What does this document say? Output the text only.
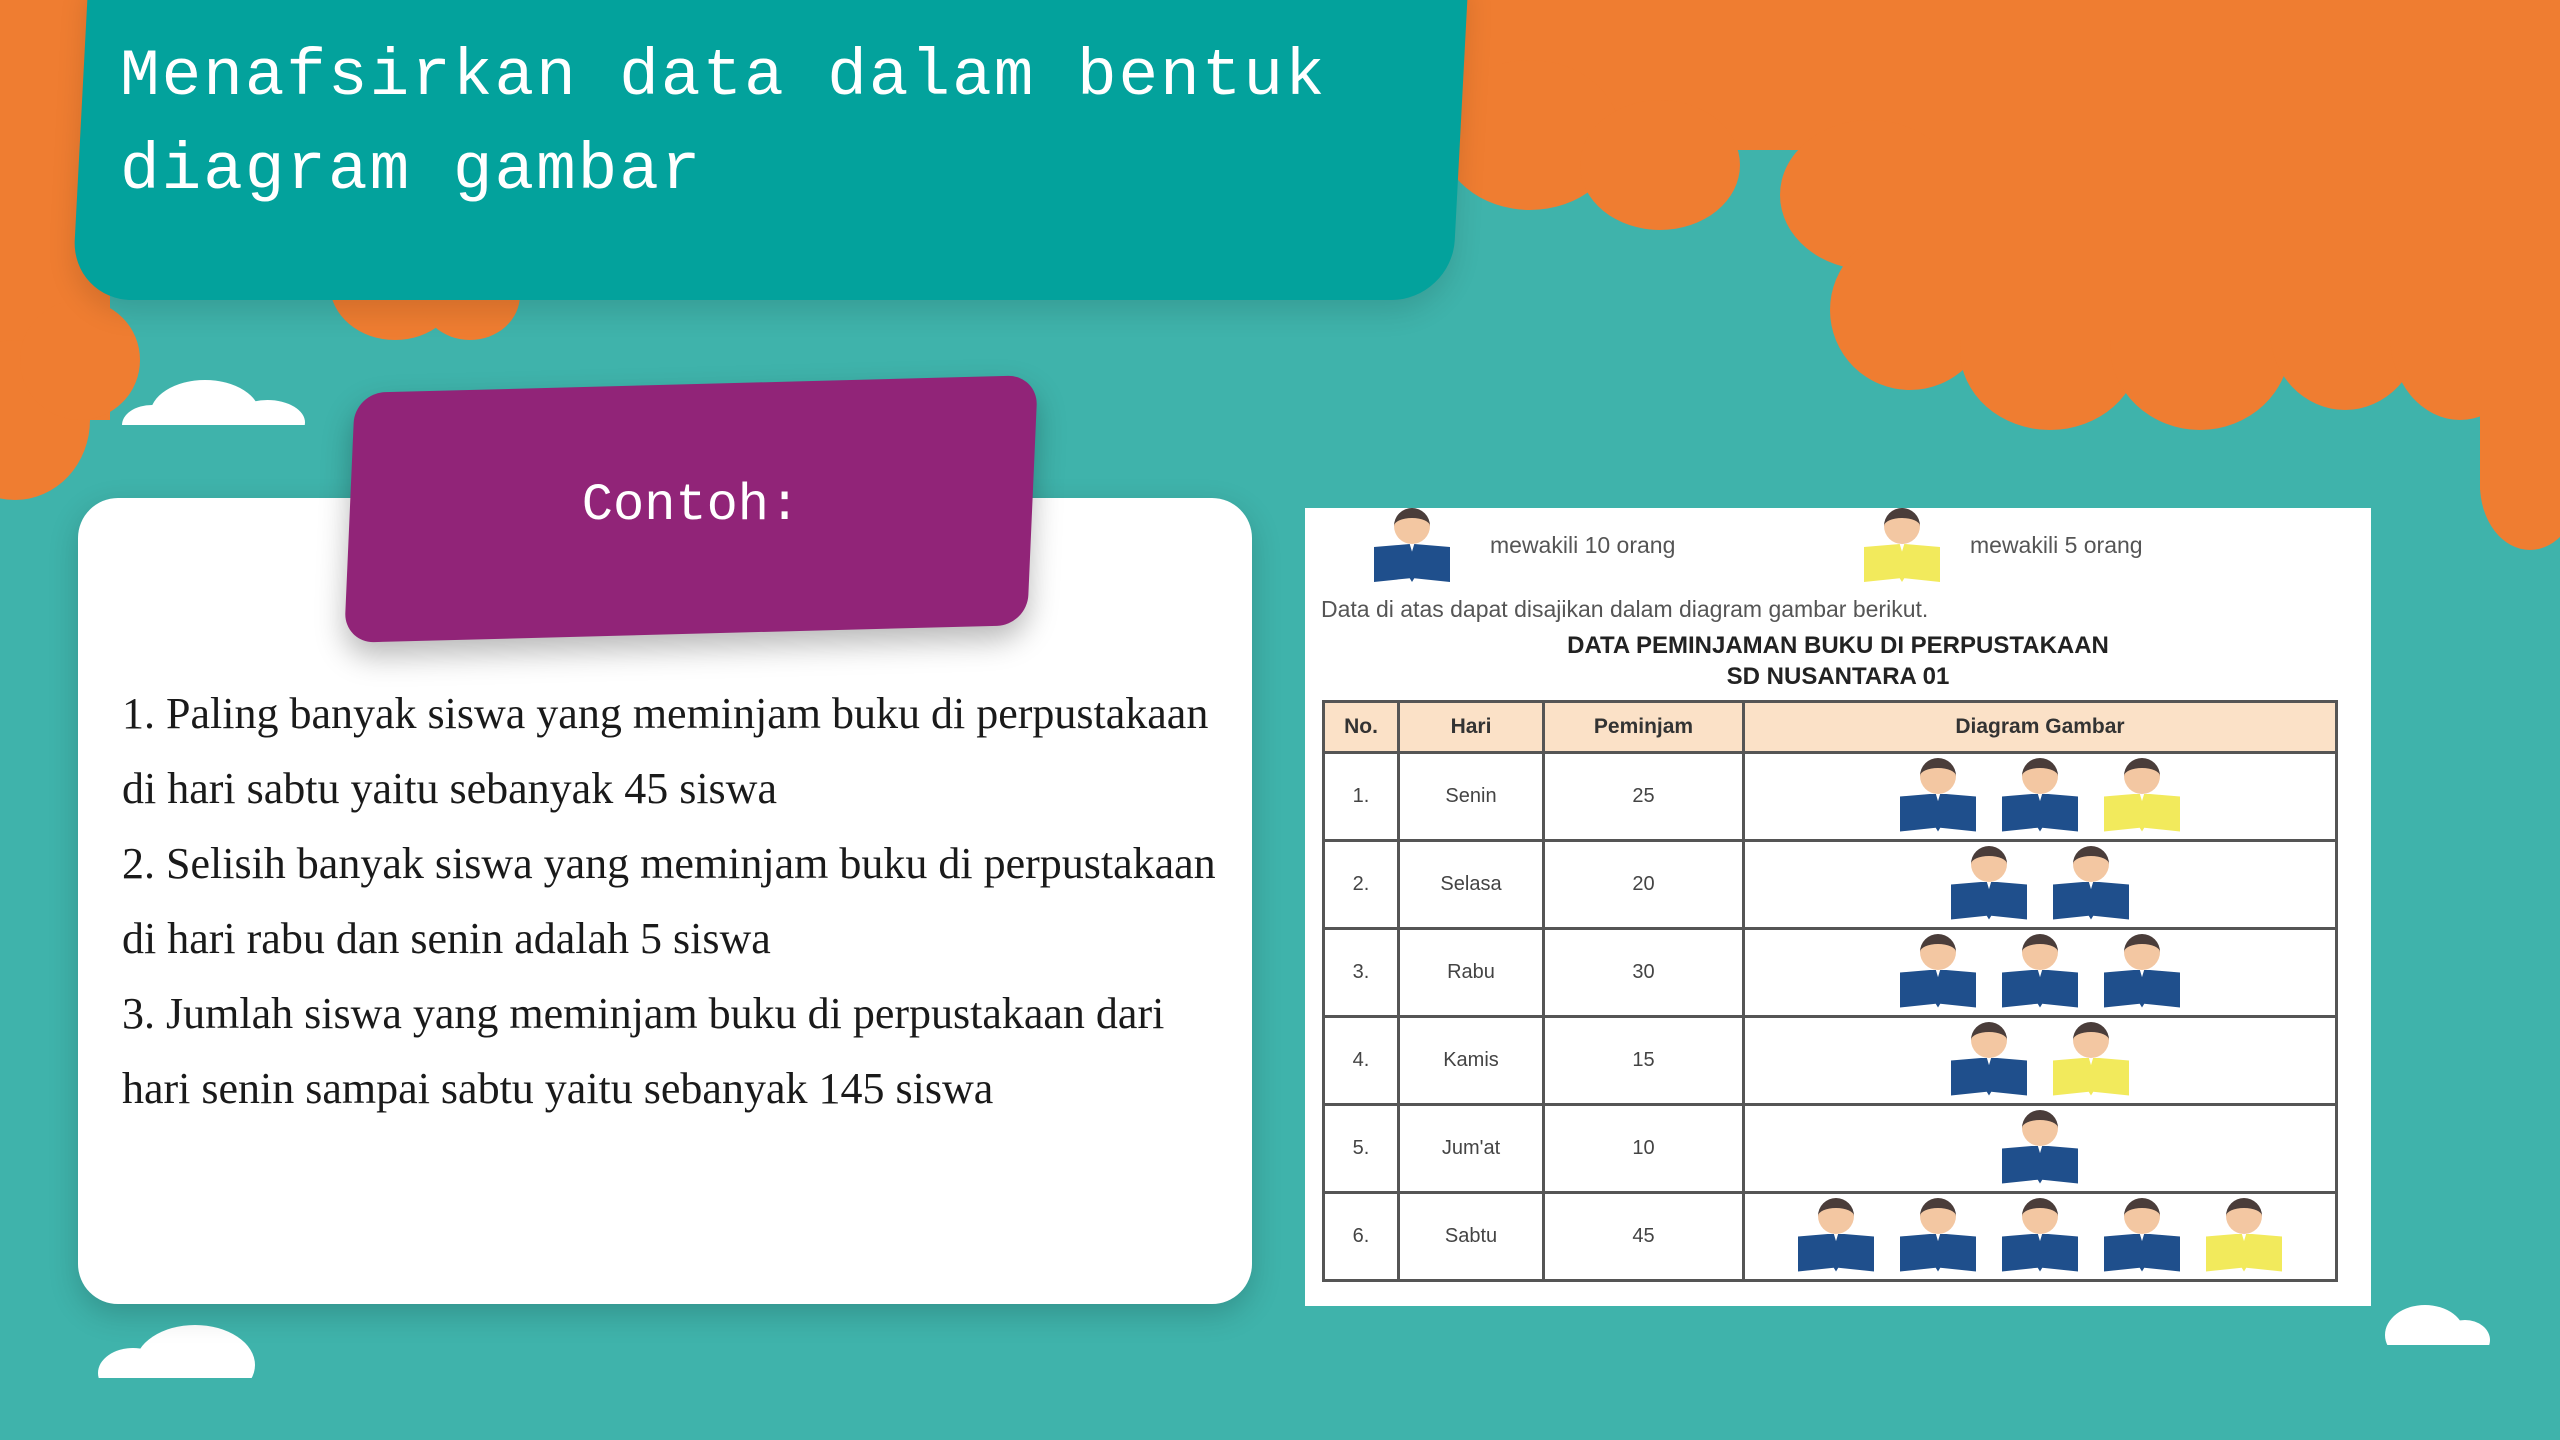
Menafsirkan data dalam bentuk diagram gambar
Contoh:

1. Paling banyak siswa yang meminjam buku di perpustakaan di hari sabtu yaitu sebanyak 45 siswa

2. Selisih banyak siswa yang meminjam buku di perpustakaan di hari rabu dan senin adalah 5 siswa

3. Jumlah siswa yang meminjam buku di perpustakaan dari hari senin sampai sabtu yaitu sebanyak 145 siswa

mewakili 10 orang	mewakili 5 orang
Data di atas dapat disajikan dalam diagram gambar berikut.
DATA PEMINJAMAN BUKU DI PERPUSTAKAAN
SD NUSANTARA 01
No.	Hari	Peminjam	Diagram Gambar
1.	Senin	25	

2.	Selasa	20	

3.	Rabu	30	

4.	Kamis	15	

5.	Jum'at	10	

6.	Sabtu	45	
